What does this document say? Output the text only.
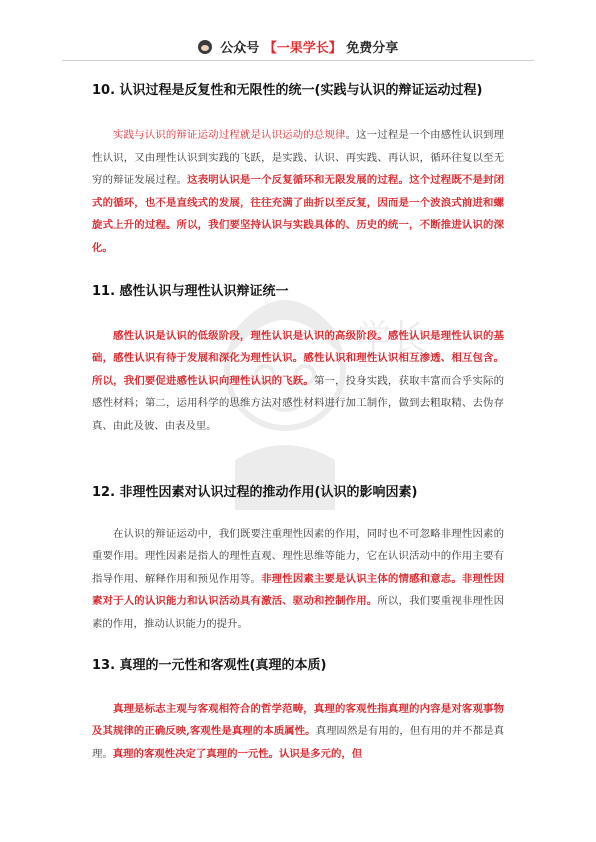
公众号 【一果学长】 免费分享
学长
10. 认识过程是反复性和无限性的统一(实践与认识的辩证运动过程)

实践与认识的辩证运动过程就是认识运动的总规律。这一过程是一个由感性认识到理性认识，又由理性认识到实践的飞跃，是实践、认识、再实践、再认识，循环往复以至无穷的辩证发展过程。这表明认识是一个反复循环和无限发展的过程。这个过程既不是封闭式的循环，也不是直线式的发展，往往充满了曲折以至反复，因而是一个波浪式前进和螺旋式上升的过程。所以，我们要坚持认识与实践具体的、历史的统一，不断推进认识的深化。

11. 感性认识与理性认识辩证统一

感性认识是认识的低级阶段，理性认识是认识的高级阶段。感性认识是理性认识的基础，感性认识有待于发展和深化为理性认识。感性认识和理性认识相互渗透、相互包含。所以，我们要促进感性认识向理性认识的飞跃。第一，投身实践，获取丰富而合乎实际的感性材料；第二，运用科学的思维方法对感性材料进行加工制作，做到去粗取精、去伪存真、由此及彼、由表及里。

12. 非理性因素对认识过程的推动作用(认识的影响因素)

在认识的辩证运动中，我们既要注重理性因素的作用，同时也不可忽略非理性因素的重要作用。理性因素是指人的理性直观、理性思维等能力，它在认识活动中的作用主要有指导作用、解释作用和预见作用等。非理性因素主要是认识主体的情感和意志。非理性因素对于人的认识能力和认识活动具有激活、驱动和控制作用。所以，我们要重视非理性因素的作用，推动认识能力的提升。

13. 真理的一元性和客观性(真理的本质)

真理是标志主观与客观相符合的哲学范畴，真理的客观性指真理的内容是对客观事物及其规律的正确反映,客观性是真理的本质属性。真理固然是有用的，但有用的并不都是真理。真理的客观性决定了真理的一元性。认识是多元的，但
